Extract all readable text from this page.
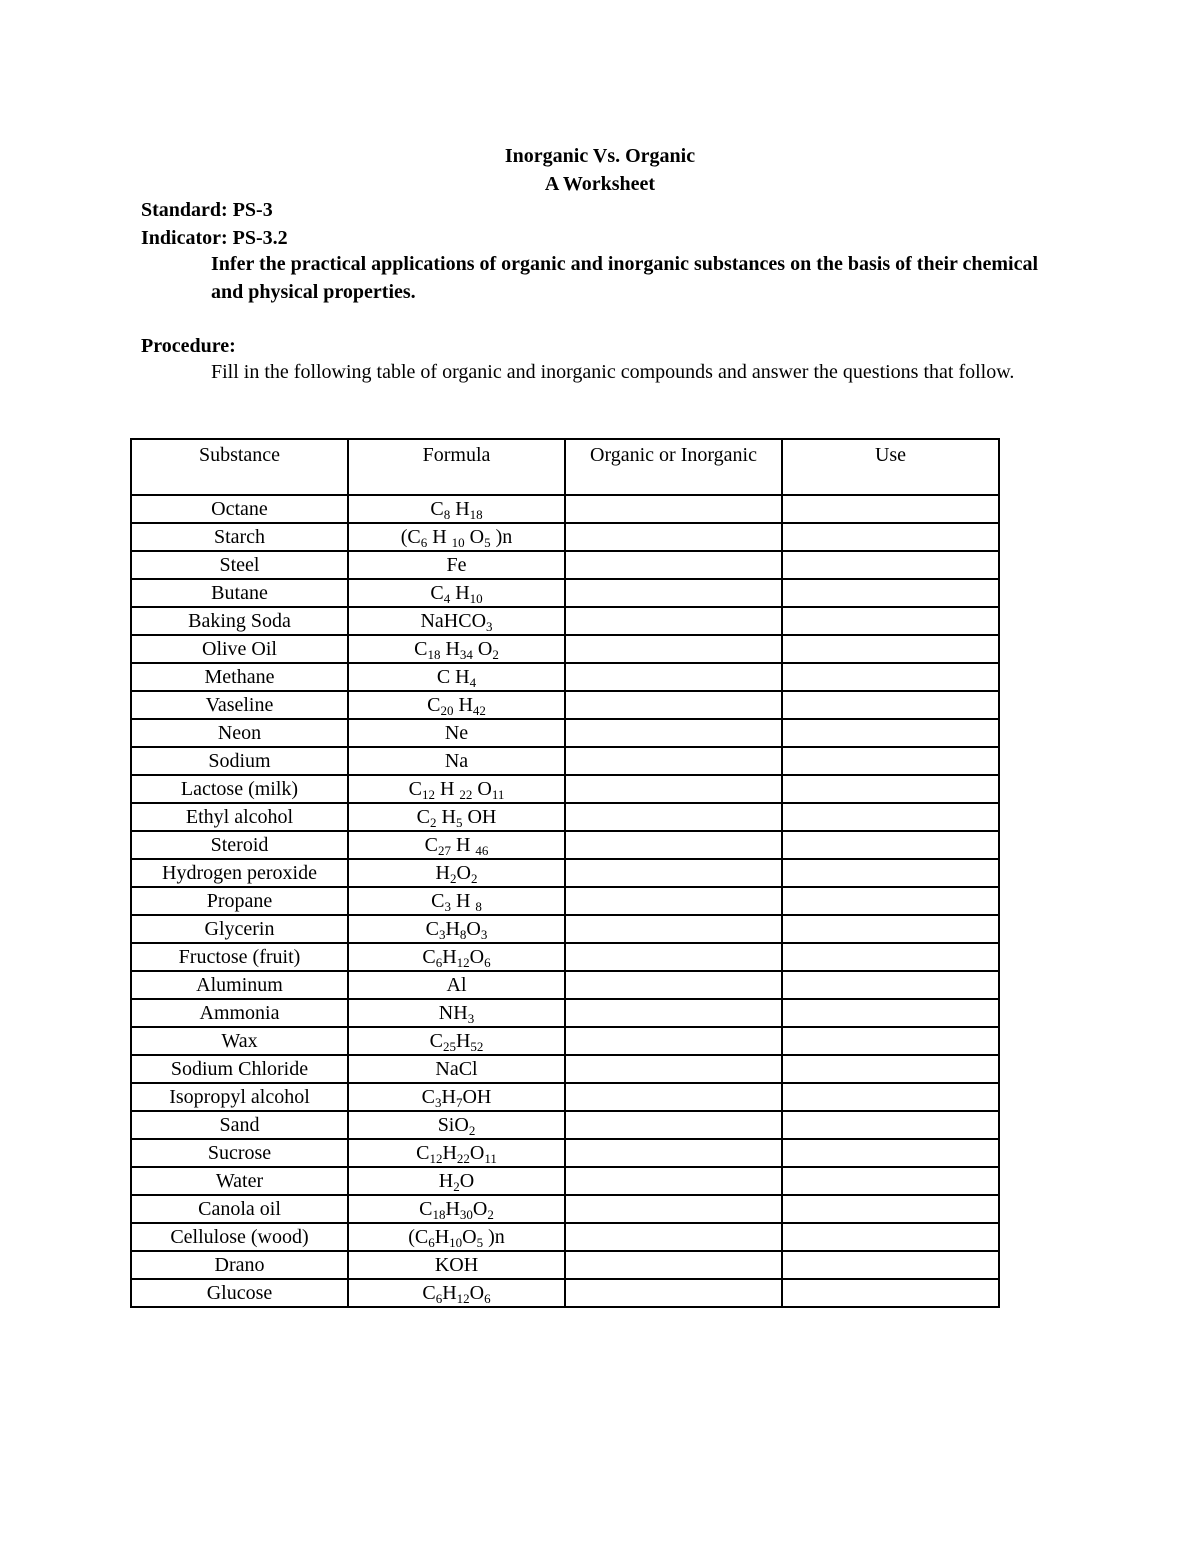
Inorganic Vs. Organic
A Worksheet
Standard: PS-3
Indicator: PS-3.2
Infer the practical applications of organic and inorganic substances on the basis of their chemical and physical properties.
Procedure:
Fill in the following table of organic and inorganic compounds and answer the questions that follow.
Substance	Formula	Organic or Inorganic	Use
Octane	$C_8$ $H_{18}$		
Starch	($C_6$ H $_{10}$ $O_5$ )n		
Steel	Fe		
Butane	$C_4$ $H_{10}$		
Baking Soda	NaHCO$_3$		
Olive Oil	$C_{18}$ $H_{34}$ $O_2$		
Methane	C $H_4$		
Vaseline	$C_{20}$ $H_{42}$		
Neon	Ne		
Sodium	Na		
Lactose (milk)	$C_{12}$ H $_{22}$ $O_{11}$		
Ethyl alcohol	$C_2$ $H_5$ OH		
Steroid	$C_{27}$ H $_{46}$		
Hydrogen peroxide	$H_2O_2$		
Propane	$C_3$ H $_8$		
Glycerin	$C_3H_8O_3$		
Fructose (fruit)	$C_6H_{12}O_6$		
Aluminum	Al		
Ammonia	$NH_3$		
Wax	$C_{25}H_{52}$		
Sodium Chloride	NaCl		
Isopropyl alcohol	$C_3H_7OH$		
Sand	SiO$_2$		
Sucrose	$C_{12}H_{22}O_{11}$		
Water	$H_2O$		
Canola oil	$C_{18}H_{30}O_2$		
Cellulose (wood)	($C_6H_{10}O_5$ )n		
Drano	KOH		
Glucose	$C_6H_{12}O_6$		
